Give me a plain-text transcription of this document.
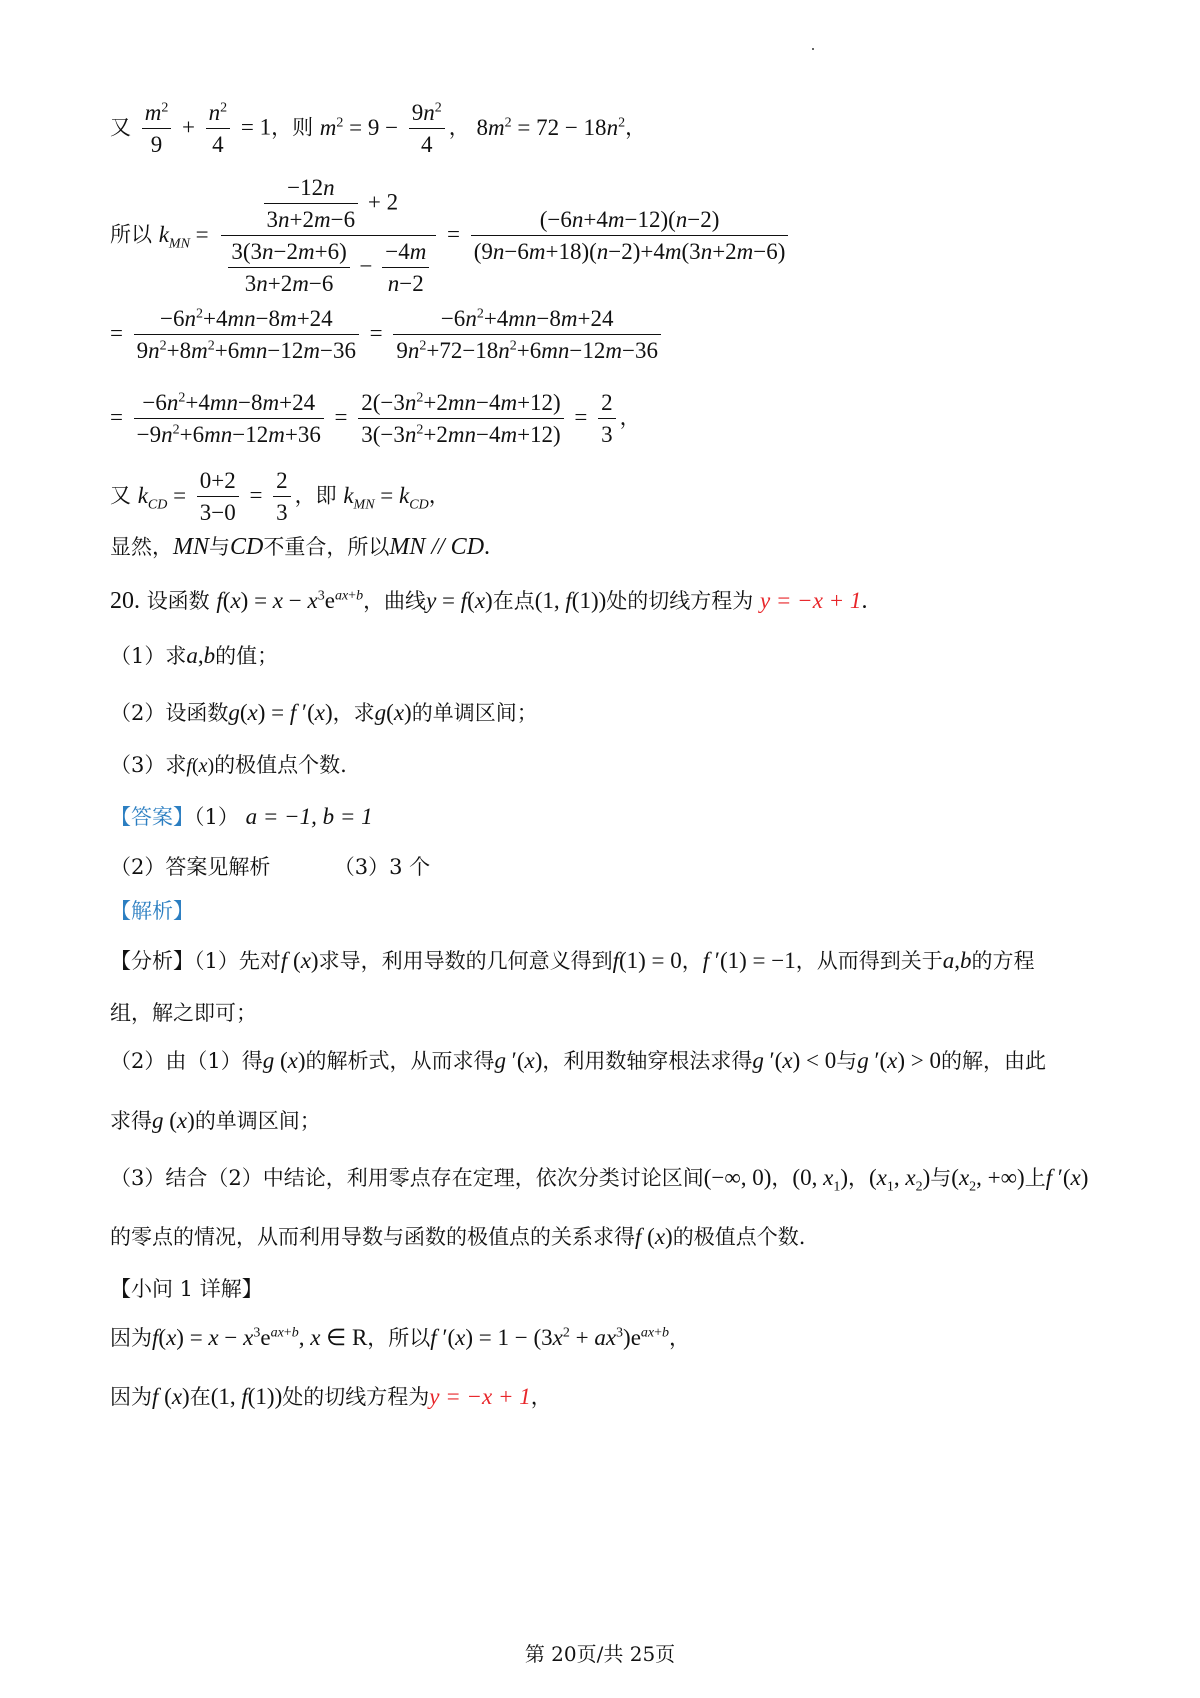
又 $\frac{m^2}{9} + \frac{n^2}{4} = 1$，则 $m^2 = 9 - \frac{9n^2}{4}$ ， $8m^2 = 72 - 18n^2$，
所以 $k_{MN} = \frac{\frac{-12n}{3n+2m-6} + 2}{\frac{3(3n-2m+6)}{3n+2m-6} - \frac{-4m}{n-2}} = \frac{(-6n+4m-12)(n-2)}{(9n-6m+18)(n-2)+4m(3n+2m-6)}$
= $\frac{-6n^2+4mn-8m+24}{9n^2+8m^2+6mn-12m-36} = \frac{-6n^2+4mn-8m+24}{9n^2+72-18n^2+6mn-12m-36}$
= $\frac{-6n^2+4mn-8m+24}{-9n^2+6mn-12m+36} = \frac{2(-3n^2+2mn-4m+12)}{3(-3n^2+2mn-4m+12)} = \frac{2}{3}$ ，
又 $k_{CD} = \frac{0+2}{3-0} = \frac{2}{3}$ ，即 $k_{MN} = k_{CD}$，
显然，MN与CD不重合，所以MN // CD.
20. 设函数 $f(x) = x - x^3e^{ax+b}$，曲线y = f(x)在点(1, f(1))处的切线方程为 y = −x + 1.
（1）求a,b的值；
（2）设函数g(x) = f ′(x)，求g(x)的单调区间；
（3）求f(x)的极值点个数.
【答案】（1） a = −1, b = 1
（2）答案见解析	（3）3 个
【解析】
【分析】（1）先对f (x)求导，利用导数的几何意义得到f(1) = 0，f ′(1) = −1，从而得到关于a,b的方程
组，解之即可；
（2）由（1）得g (x)的解析式，从而求得g ′(x)，利用数轴穿根法求得g ′(x) < 0与g ′(x) > 0的解，由此
求得g (x)的单调区间；
（3）结合（2）中结论，利用零点存在定理，依次分类讨论区间(−∞, 0)，(0, $x_1$)，($x_1$, $x_2$)与($x_2$, +∞)上f ′(x)
的零点的情况，从而利用导数与函数的极值点的关系求得f (x)的极值点个数.
【小问 1 详解】
因为$f(x) = x - x^3e^{ax+b}$, x ∈ R，所以f $'(x) = 1 - (3x^2 + ax^3)e^{ax+b}$，
因为f (x)在(1, f(1))处的切线方程为y = −x + 1，
第 20页/共 25页
